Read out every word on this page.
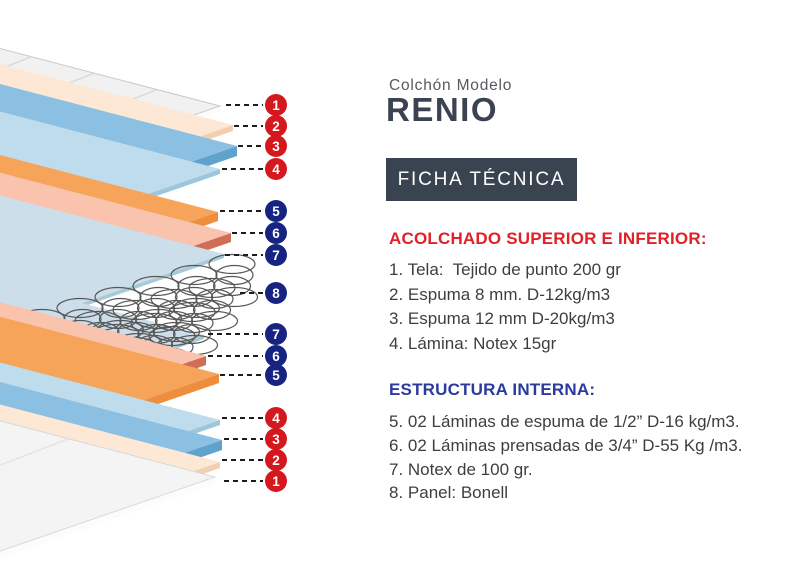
1
2
3
4
5
6
7
8
7
6
5
4
3
2
1
Colchón Modelo
RENIO
FICHA TÉCNICA
ACOLCHADO SUPERIOR E INFERIOR:
1. Tela:  Tejido de punto 200 gr
2. Espuma 8 mm. D-12kg/m3
3. Espuma 12 mm D-20kg/m3
4. Lámina: Notex 15gr
ESTRUCTURA INTERNA:
5. 02 Láminas de espuma de 1/2” D-16 kg/m3.
6. 02 Láminas prensadas de 3/4” D-55 Kg /m3.
7. Notex de 100 gr.
8. Panel: Bonell
